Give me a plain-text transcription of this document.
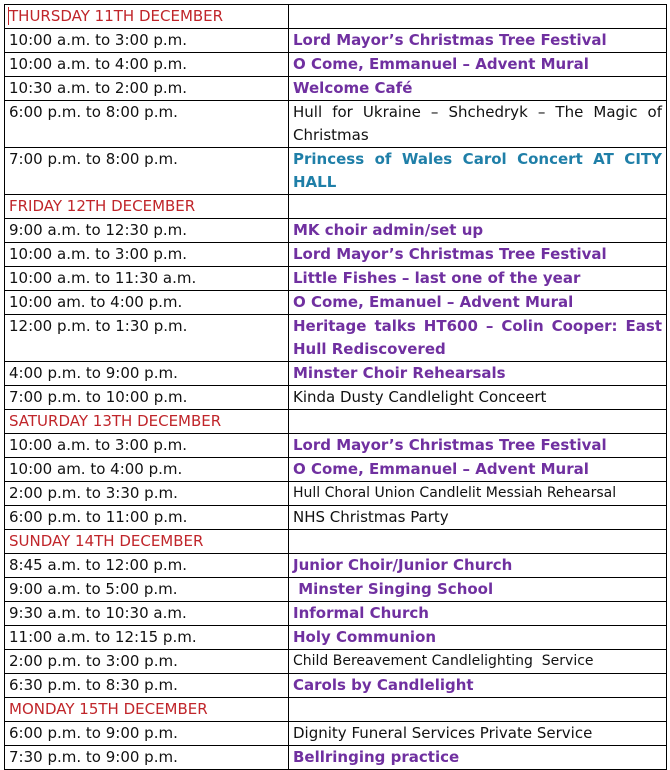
THURSDAY 11TH DECEMBER	
10:00 a.m. to 3:00 p.m.	Lord Mayor’s Christmas Tree Festival
10:00 a.m. to 4:00 p.m.	O Come, Emmanuel – Advent Mural
10:30 a.m. to 2:00 p.m.	Welcome Café
6:00 p.m. to 8:00 p.m.	Hull for Ukraine – Shchedryk – The Magic of Christmas
7:00 p.m. to 8:00 p.m.	Princess of Wales Carol Concert AT CITY HALL
FRIDAY 12TH DECEMBER	
9:00 a.m. to 12:30 p.m.	MK choir admin/set up
10:00 a.m. to 3:00 p.m.	Lord Mayor’s Christmas Tree Festival
10:00 a.m. to 11:30 a.m.	Little Fishes – last one of the year
10:00 am. to 4:00 p.m.	O Come, Emanuel – Advent Mural
12:00 p.m. to 1:30 p.m.	Heritage talks HT600 – Colin Cooper: East Hull Rediscovered
4:00 p.m. to 9:00 p.m.	Minster Choir Rehearsals
7:00 p.m. to 10:00 p.m.	Kinda Dusty Candlelight Conceert
SATURDAY 13TH DECEMBER	
10:00 a.m. to 3:00 p.m.	Lord Mayor’s Christmas Tree Festival
10:00 am. to 4:00 p.m.	O Come, Emmanuel – Advent Mural
2:00 p.m. to 3:30 p.m.	Hull Choral Union Candlelit Messiah Rehearsal
6:00 p.m. to 11:00 p.m.	NHS Christmas Party
SUNDAY 14TH DECEMBER	
8:45 a.m. to 12:00 p.m.	Junior Choir/Junior Church
9:00 a.m. to 5:00 p.m.	Minster Singing School
9:30 a.m. to 10:30 a.m.	Informal Church
11:00 a.m. to 12:15 p.m.	Holy Communion
2:00 p.m. to 3:00 p.m.	Child Bereavement Candlelighting  Service
6:30 p.m. to 8:30 p.m.	Carols by Candlelight
MONDAY 15TH DECEMBER	
6:00 p.m. to 9:00 p.m.	Dignity Funeral Services Private Service
7:30 p.m. to 9:00 p.m.	Bellringing practice
